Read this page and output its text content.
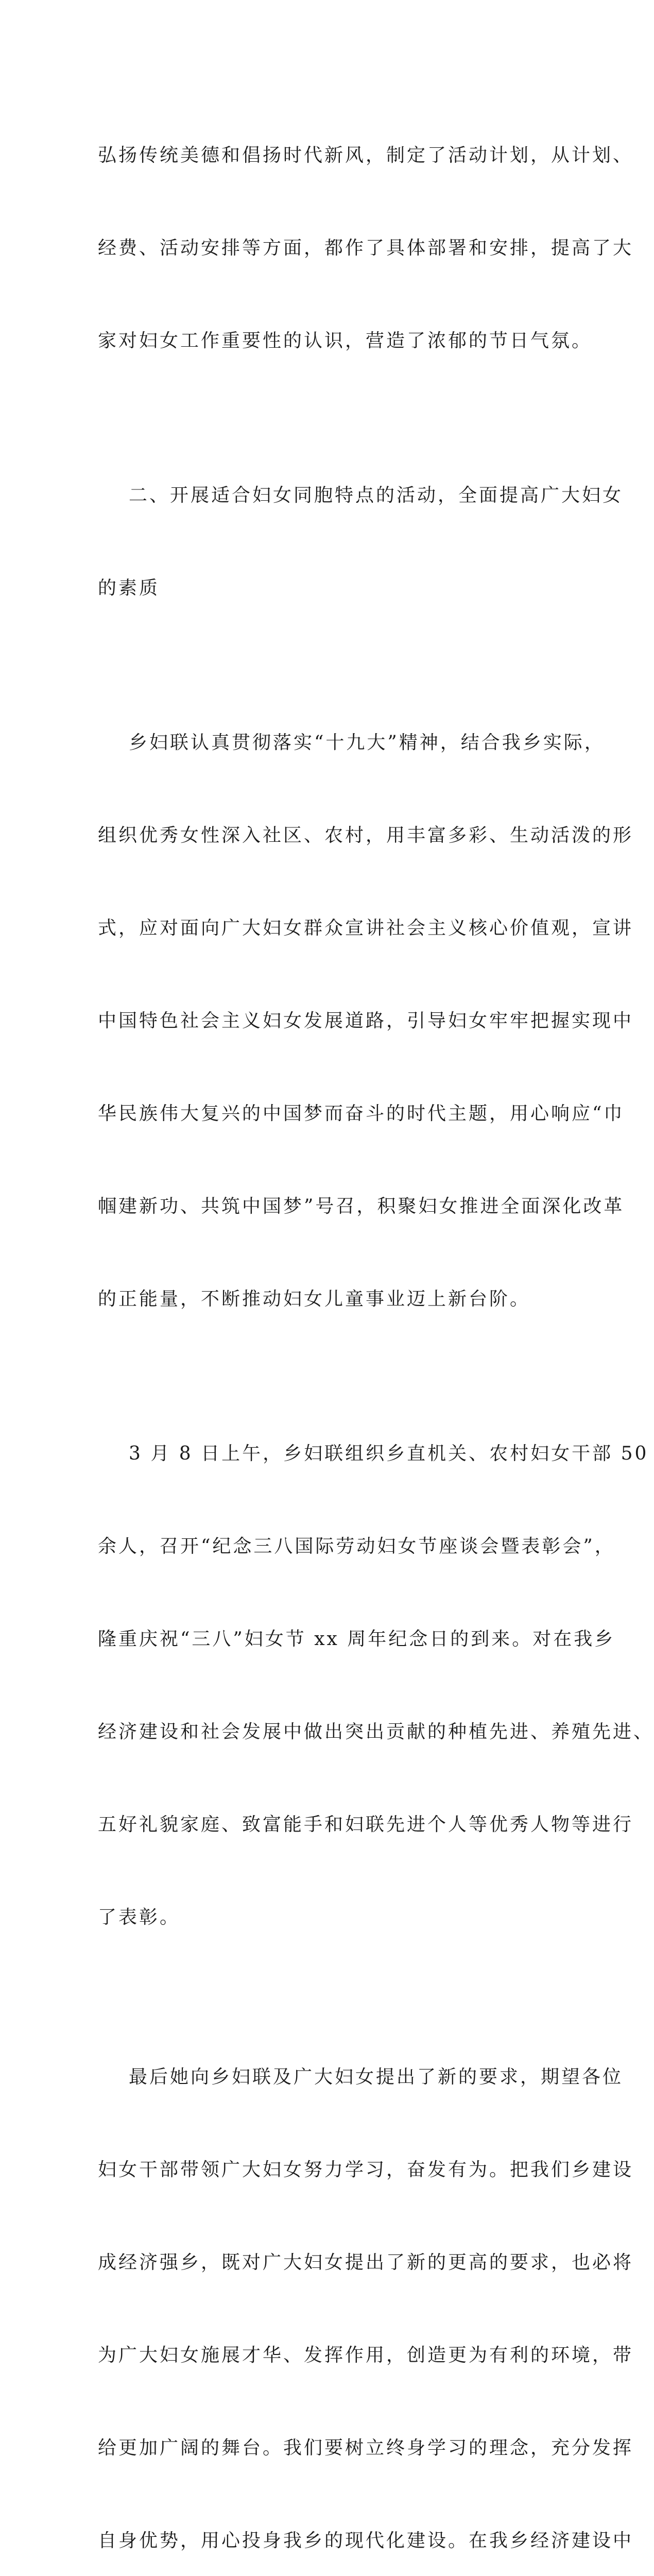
弘扬传统美德和倡扬时代新风，制定了活动计划，从计划、

经费、活动安排等方面，都作了具体部署和安排，提高了大

家对妇女工作重要性的认识，营造了浓郁的节日气氛。

二、开展适合妇女同胞特点的活动，全面提高广大妇女

的素质

乡妇联认真贯彻落实“十九大”精神，结合我乡实际，

组织优秀女性深入社区、农村，用丰富多彩、生动活泼的形

式，应对面向广大妇女群众宣讲社会主义核心价值观，宣讲

中国特色社会主义妇女发展道路，引导妇女牢牢把握实现中

华民族伟大复兴的中国梦而奋斗的时代主题，用心响应“巾

帼建新功、共筑中国梦”号召，积聚妇女推进全面深化改革

的正能量，不断推动妇女儿童事业迈上新台阶。

3 月 8 日上午，乡妇联组织乡直机关、农村妇女干部 50

余人，召开“纪念三八国际劳动妇女节座谈会暨表彰会”，

隆重庆祝“三八”妇女节 xx 周年纪念日的到来。对在我乡

经济建设和社会发展中做出突出贡献的种植先进、养殖先进、

五好礼貌家庭、致富能手和妇联先进个人等优秀人物等进行

了表彰。

最后她向乡妇联及广大妇女提出了新的要求，期望各位

妇女干部带领广大妇女努力学习，奋发有为。把我们乡建设

成经济强乡，既对广大妇女提出了新的更高的要求，也必将

为广大妇女施展才华、发挥作用，创造更为有利的环境，带

给更加广阔的舞台。我们要树立终身学习的理念，充分发挥

自身优势，用心投身我乡的现代化建设。在我乡经济建设中
